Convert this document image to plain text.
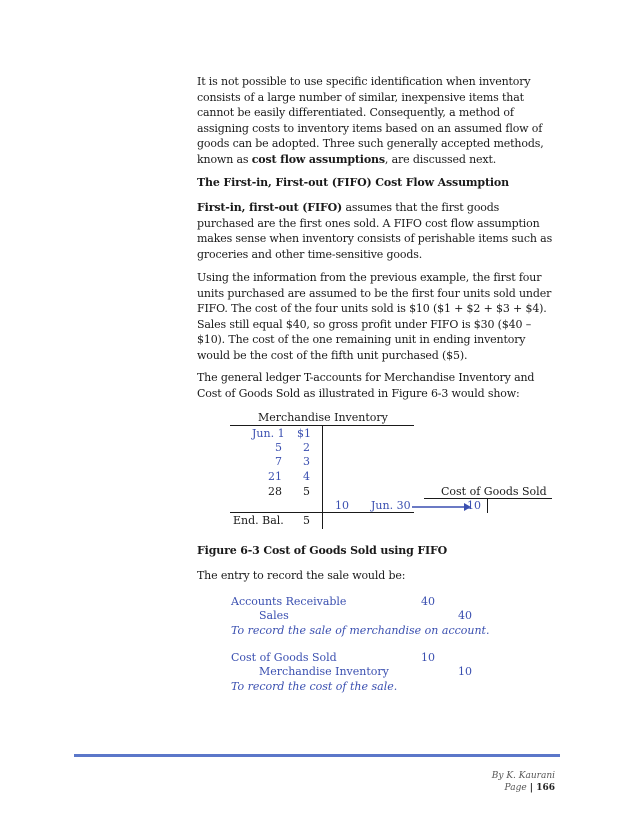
It is not possible to use specific identification when inventory consists of a large number of similar, inexpensive items that cannot be easily differentiated. Consequently, a method of assigning costs to inventory items based on an assumed flow of goods can be adopted. Three such generally accepted methods, known as cost flow assumptions, are discussed next.

The First-in, First-out (FIFO) Cost Flow Assumption

First-in, first-out (FIFO) assumes that the first goods purchased are the first ones sold. A FIFO cost flow assumption makes sense when inventory consists of perishable items such as groceries and other time-sensitive goods.

Using the information from the previous example, the first four units purchased are assumed to be the first four units sold under FIFO. The cost of the four units sold is $10 ($1 + $2 + $3 + $4). Sales still equal $40, so gross profit under FIFO is $30 ($40 – $10). The cost of the one remaining unit in ending inventory would be the cost of the fifth unit purchased ($5).

The general ledger T-accounts for Merchandise Inventory and Cost of Goods Sold as illustrated in Figure 6-3 would show:

Merchandise Inventory
Jun. 1 $1
5 2
7 3
21 4
28 5
10 Jun. 30
End. Bal. 5
Cost of Goods Sold
10

Figure 6-3 Cost of Goods Sold using FIFO

The entry to record the sale would be:

Accounts Receivable	40
Sales	40
To record the sale of merchandise on account.
Cost of Goods Sold	10
Merchandise Inventory	10
To record the cost of the sale.
By K. Kaurani
Page | 166
